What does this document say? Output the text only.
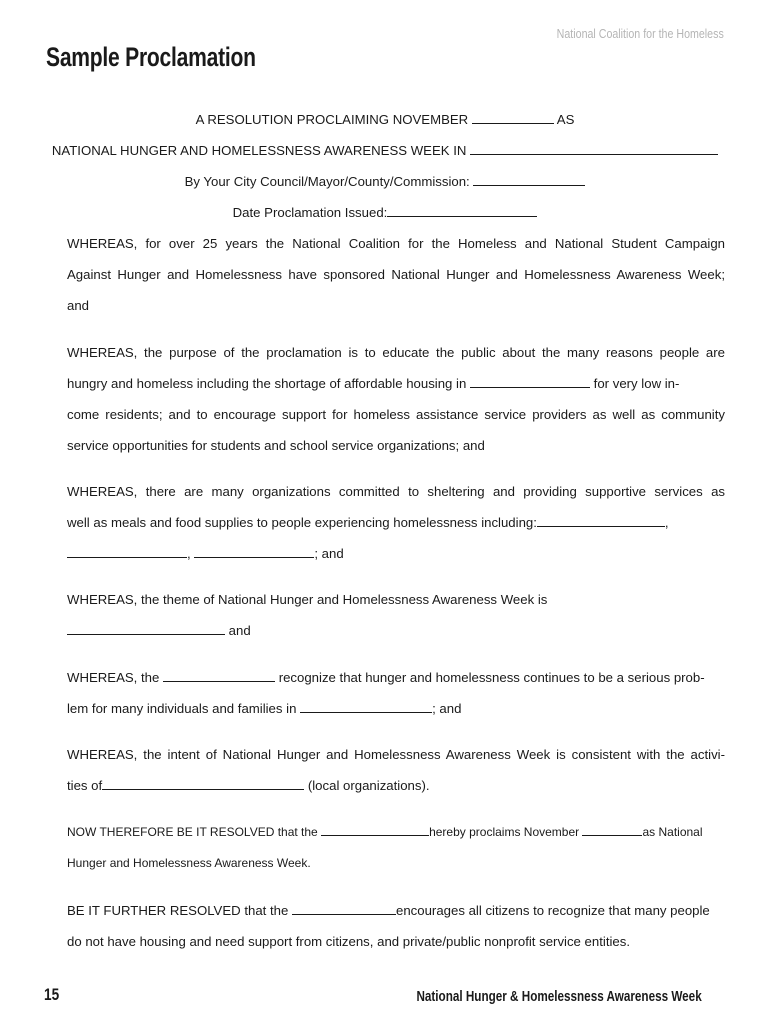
National Coalition for the Homeless
Sample Proclamation
A RESOLUTION PROCLAIMING NOVEMBER	AS
NATIONAL HUNGER AND HOMELESSNESS AWARENESS WEEK IN
By Your City Council/Mayor/County/Commission:
Date Proclamation Issued:
WHEREAS, for over 25 years the National Coalition for the Homeless and National Student Campaign
Against Hunger and Homelessness have sponsored National Hunger and Homelessness Awareness Week;
and
WHEREAS, the purpose of the proclamation is to educate the public about the many reasons people are
hungry and homeless including the shortage of affordable housing in	for very low in-
come residents; and to encourage support for homeless assistance service providers as well as community
service opportunities for students and school service organizations; and
WHEREAS, there are many organizations committed to sheltering and providing supportive services as
well as meals and food supplies to people experiencing homelessness including:	,
,	; and
WHEREAS, the theme of National Hunger and Homelessness Awareness Week is
and
WHEREAS, the	recognize that hunger and homelessness continues to be a serious prob-
lem for many individuals and families in	; and
WHEREAS, the intent of National Hunger and Homelessness Awareness Week is consistent with the activi-
ties of	(local organizations).
NOW THEREFORE BE IT RESOLVED that the	hereby proclaims November	as National
Hunger and Homelessness Awareness Week.
BE IT FURTHER RESOLVED that the	encourages all citizens to recognize that many people
do not have housing and need support from citizens, and private/public nonprofit service entities.
15	National Hunger & Homelessness Awareness Week
